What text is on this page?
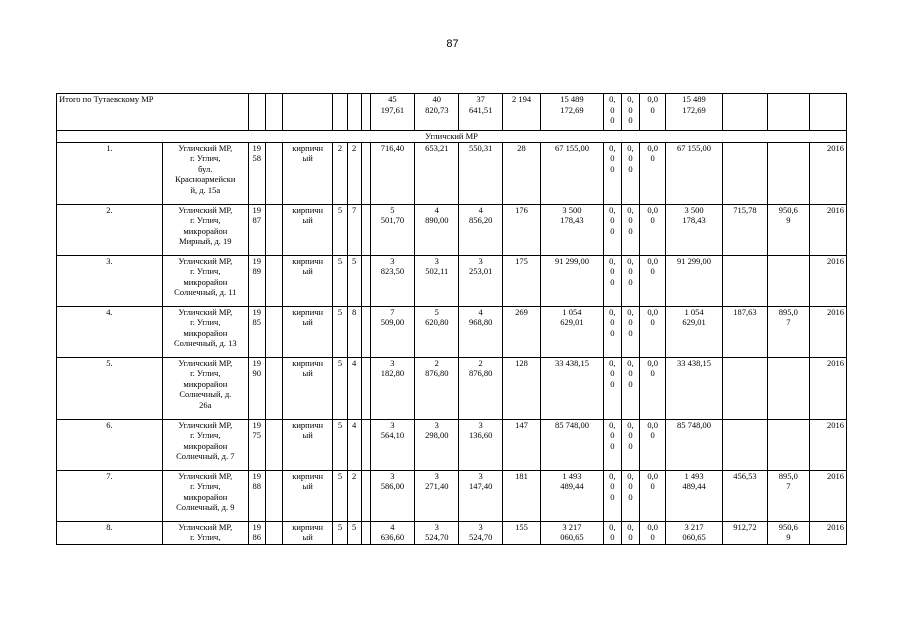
87
Итого по Тутаевскому МР								45
197,61	40
820,73	37
641,51	2 194	15 489
172,69	0,
0
0	0,
0
0	0,0
0	15 489
172,69			
Угличский МР																			
1.	Угличский МР,
г. Углич,
бул.
Красноармейски
й, д. 15а	19
58		кирпичн
ый	2	2		716,40	653,21	550,31	28	67 155,00	0,
0
0	0,
0
0	0,0
0	67 155,00			2016
2.	Угличский МР,
г. Углич,
микрорайон
Мирный, д. 19	19
87		кирпичн
ый	5	7		5
501,70	4
890,00	4
856,20	176	3 500
178,43	0,
0
0	0,
0
0	0,0
0	3 500
178,43	715,78	950,6
9	2016
3.	Угличский МР,
г. Углич,
микрорайон
Солнечный, д. 11	19
89		кирпичн
ый	5	5		3
823,50	3
502,11	3
253,01	175	91 299,00	0,
0
0	0,
0
0	0,0
0	91 299,00			2016
4.	Угличский МР,
г. Углич,
микрорайон
Солнечный, д. 13	19
85		кирпичн
ый	5	8		7
509,00	5
620,80	4
968,80	269	1 054
629,01	0,
0
0	0,
0
0	0,0
0	1 054
629,01	187,63	895,0
7	2016
5.	Угличский МР,
г. Углич,
микрорайон
Солнечный, д.
26а	19
90		кирпичн
ый	5	4		3
182,80	2
876,80	2
876,80	128	33 438,15	0,
0
0	0,
0
0	0,0
0	33 438,15			2016
6.	Угличский МР,
г. Углич,
микрорайон
Солнечный, д. 7	19
75		кирпичн
ый	5	4		3
564,10	3
298,00	3
136,60	147	85 748,00	0,
0
0	0,
0
0	0,0
0	85 748,00			2016
7.	Угличский МР,
г. Углич,
микрорайон
Солнечный, д. 9	19
88		кирпичн
ый	5	2		3
586,00	3
271,40	3
147,40	181	1 493
489,44	0,
0
0	0,
0
0	0,0
0	1 493
489,44	456,53	895,0
7	2016
8.	Угличский МР,
г. Углич,	19
86		кирпичн
ый	5	5		4
636,60	3
524,70	3
524,70	155	3 217
060,65	0,
0	0,
0	0,0
0	3 217
060,65	912,72	950,6
9	2016
